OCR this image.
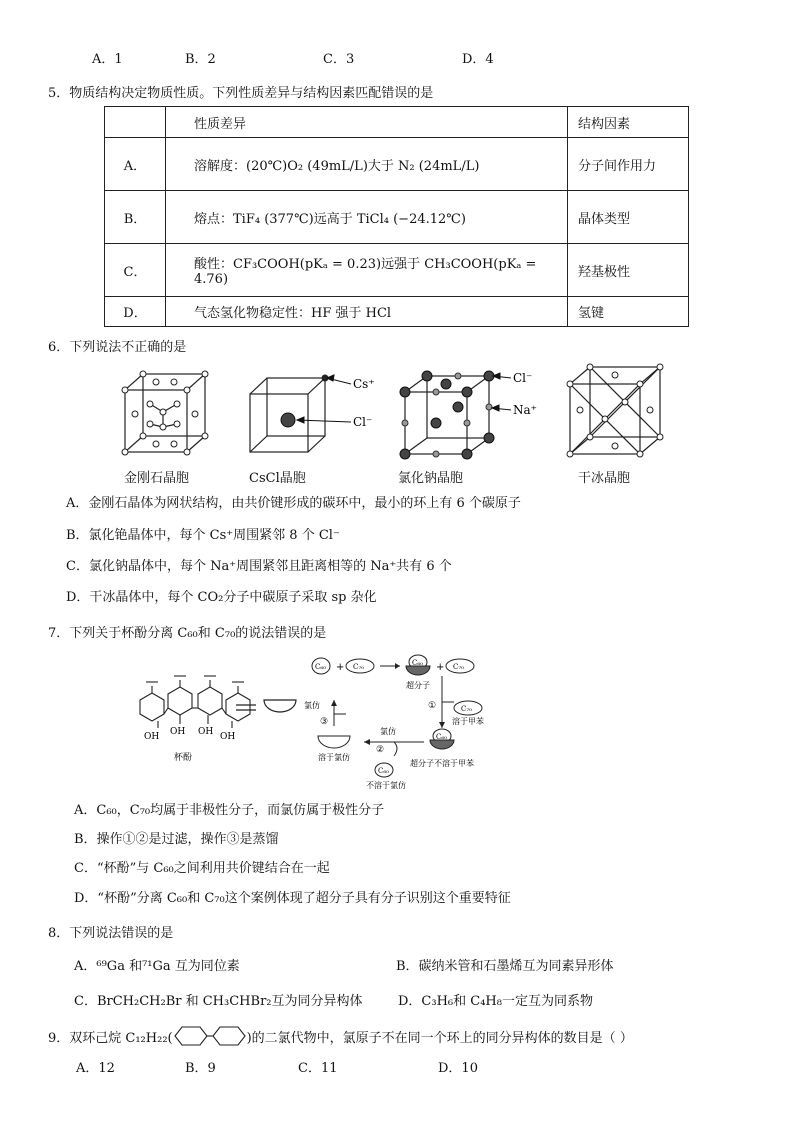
A．1	B．2	C．3	D．4
5．物质结构决定物质性质。下列性质差异与结构因素匹配错误的是
	性质差异	结构因素
A．	溶解度：(20℃)O₂ (49mL/L)大于 N₂ (24mL/L)	分子间作用力
B．	熔点：TiF₄ (377℃)远高于 TiCl₄ (−24.12℃)	晶体类型
C．	酸性：CF₃COOH(pKₐ = 0.23)远强于 CH₃COOH(pKₐ = 4.76)	羟基极性
D．	气态氢化物稳定性：HF 强于 HCl	氢键
6．下列说法不正确的是
Cs⁺
Cl⁻
Cl⁻
Na⁺
金刚石晶胞	CsCl晶胞	氯化钠晶胞	干冰晶胞
A．金刚石晶体为网状结构，由共价键形成的碳环中，最小的环上有 6 个碳原子
B．氯化铯晶体中，每个 Cs⁺周围紧邻 8 个 Cl⁻
C．氯化钠晶体中，每个 Na⁺周围紧邻且距离相等的 Na⁺共有 6 个
D．干冰晶体中，每个 CO₂分子中碳原子采取 sp 杂化
7．下列关于杯酚分离 C₆₀和 C₇₀的说法错误的是
OH OH OH OH
杯酚
C₆₀ + C₇₀	C₆₀ + C₇₀
超分子
①	C₇₀
溶于甲苯
C₆₀
超分子不溶于甲苯
氯仿
②
C₆₀
不溶于氯仿
溶于氯仿
氯仿
③
A．C₆₀，C₇₀均属于非极性分子，而氯仿属于极性分子
B．操作①②是过滤，操作③是蒸馏
C．“杯酚”与 C₆₀之间利用共价键结合在一起
D．“杯酚”分离 C₆₀和 C₇₀这个案例体现了超分子具有分子识别这个重要特征
8．下列说法错误的是
A．⁶⁹Ga 和⁷¹Ga 互为同位素	B．碳纳米管和石墨烯互为同素异形体
C．BrCH₂CH₂Br 和 CH₃CHBr₂互为同分异构体	D．C₃H₆和 C₄H₈一定互为同系物
9．双环己烷 C₁₂H₂₂(	)的二氯代物中，氯原子不在同一个环上的同分异构体的数目是（ ）
A．12	B．9	C．11	D．10
